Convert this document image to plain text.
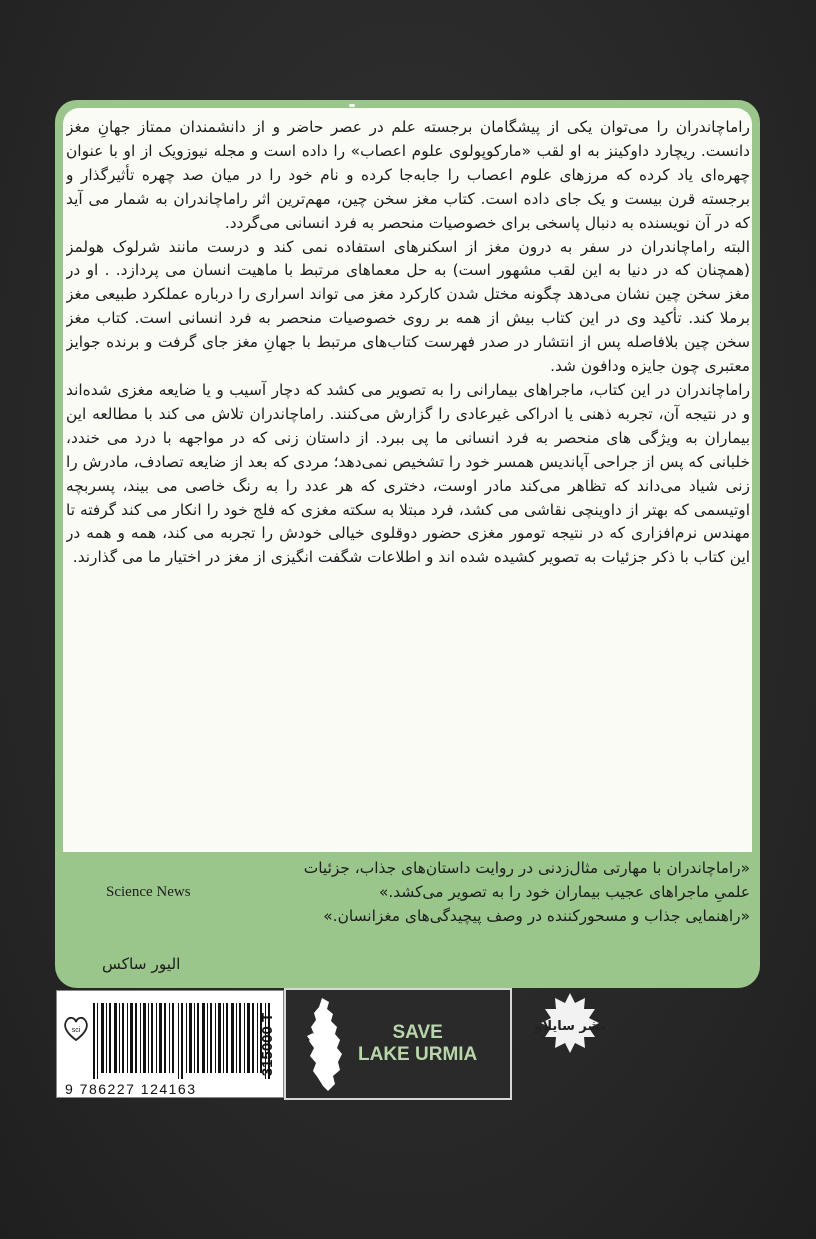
راماچاندران را می‌توان یکی از پیشگامان برجسته علم در عصر حاضر و از دانشمندان ممتاز جهانِ مغز دانست. ریچارد داوکینز به او لقب «مارکوپولوی علوم اعصاب» را داده است و مجله نیوزویک از او با عنوان چهره‌ای یاد کرده که مرزهای علوم اعصاب را جابه‌جا کرده و نام خود را در میان صد چهره تأثیرگذار و برجسته قرن بیست و یک جای داده است. کتاب مغز سخن چین، مهم‌ترین اثر راماچاندران به شمار می آید که در آن نویسنده به دنبال پاسخی برای خصوصیات منحصر به فرد انسانی می‌گردد.

البته راماچاندران در سفر به درون مغز از اسکنرها‌ی استفاده نمی کند و درست مانند شرلوک هولمز (همچنان که در دنیا به این لقب مشهور است) به حل معماهای مرتبط با ماهیت انسان می پردازد. . او در مغز سخن چین نشان می‌دهد چگونه مختل شدن کارکرد مغز می تواند اسراری را درباره عملکرد طبیعی مغز برملا کند. تأکید وی در این کتاب بیش از همه بر روی خصوصیات منحصر به فرد انسانی است. کتاب مغز سخن چین بلافاصله پس از انتشار در صدر فهرست کتاب‌های مرتبط با جهانِ مغز جای گرفت و برنده جوایز معتبری چون جایزه ودافون شد.

راماچاندران در این کتاب، ماجراهای بیمارانی را به تصویر می کشد که دچار آسیب و یا ضایعه مغزی شده‌اند و در نتیجه آن، تجربه ذهنی یا ادراکی غیرعادی را گزارش می‌کنند. راماچاندران تلاش می کند با مطالعه این بیماران به ویژگی های منحصر به فرد انسانی ما پی ببرد. از داستان زنی که در مواجهه با درد می خندد، خلبانی که پس از جراحی آپاندیس همسر خود را تشخیص نمی‌دهد؛ مردی که بعد از ضایعه تصادف، مادرش را زنی شیاد می‌داند که تظاهر می‌کند مادر اوست، دختری که هر عدد را به رنگ خاصی می بیند، پسربچه اوتیسمی که بهتر از داوینچی نقاشی می کشد، فرد مبتلا به سکته مغزی که فلج خود را انکار می کند گرفته تا مهندس نرم‌افزاری که در نتیجه تومور مغزی حضور دوقلوی خیالی خودش را تجربه می کند، همه و همه در این کتاب با ذکر جزئیات به تصویر کشیده شده اند و اطلاعات شگفت انگیزی از مغز در اختیار ما می گذارند.

«راماچاندران با مهارتی مثال‌زدنی در روایت داستان‌های جذاب، جزئیات
علمیِ ماجراهای عجیب بیماران خود را به تصویر می‌کشد.»
Science News
«راهنمایی جذاب و مسحورکننده در وصف پیچیدگی‌های مغزانسان.»
الیور ساکس
sci
9 786227 124163
315000 T	SAVE
LAKE URMIA
نشر سایلاو
